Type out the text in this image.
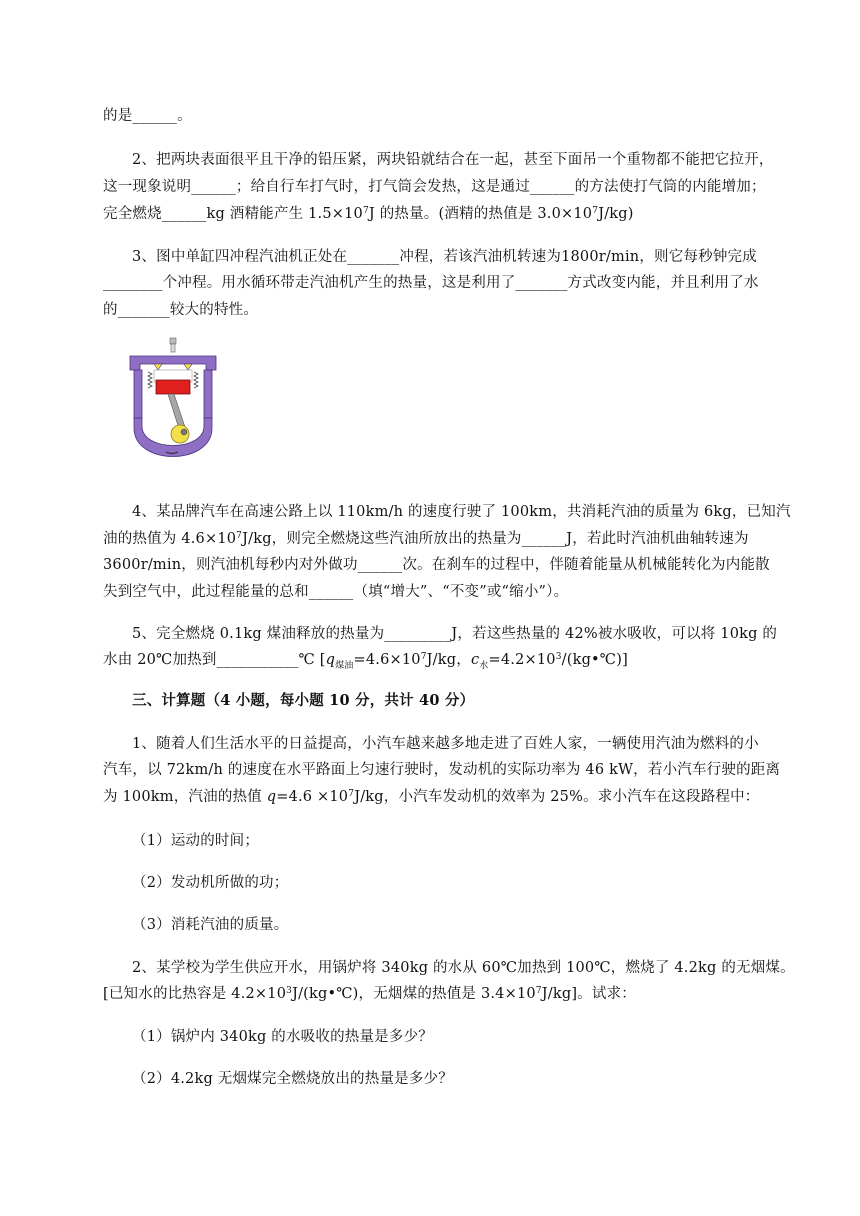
的是______。
2、把两块表面很平且干净的铅压紧，两块铅就结合在一起，甚至下面吊一个重物都不能把它拉开，
这一现象说明______；给自行车打气时，打气筒会发热，这是通过______的方法使打气筒的内能增加；
完全燃烧______kg 酒精能产生 $1.5\times 10^7J$ 的热量。(酒精的热值是 $3.0\times 10^7J/kg$)
3、图中单缸四冲程汽油机正处在_______冲程，若该汽油机转速为1800r/min，则它每秒钟完成
________个冲程。用水循环带走汽油机产生的热量，这是利用了_______方式改变内能，并且利用了水
的_______较大的特性。
4、某品牌汽车在高速公路上以 110km/h 的速度行驶了 100km，共消耗汽油的质量为 6kg，已知汽
油的热值为 $4.6\times 10^7J/kg$，则完全燃烧这些汽油所放出的热量为______J，若此时汽油机曲轴转速为
3600r/min，则汽油机每秒内对外做功______次。在刹车的过程中，伴随着能量从机械能转化为内能散
失到空气中，此过程能量的总和______（填“增大”、“不变”或“缩小”）。
5、完全燃烧 0.1kg 煤油释放的热量为_________J，若这些热量的 42%被水吸收，可以将 10kg 的
水由 20℃加热到___________℃ [$q_{煤油}=4.6\times 10^7J/kg$，$c_水=4.2\times 10^3/(kg•℃)$]
三、计算题（4 小题，每小题 10 分，共计 40 分）
1、随着人们生活水平的日益提高，小汽车越来越多地走进了百姓人家，一辆使用汽油为燃料的小
汽车，以 72km/h 的速度在水平路面上匀速行驶时，发动机的实际功率为 46 kW，若小汽车行驶的距离
为 100km，汽油的热值 $q=4.6 \times 10^7J/kg$，小汽车发动机的效率为 25%。求小汽车在这段路程中：
（1）运动的时间；
（2）发动机所做的功；
（3）消耗汽油的质量。
2、某学校为学生供应开水，用锅炉将 340kg 的水从 60℃加热到 100℃，燃烧了 4.2kg 的无烟煤。
[已知水的比热容是 $4.2\times 10^3J/(kg•℃)$，无烟煤的热值是 $3.4\times 10^7J/kg$]。试求：
（1）锅炉内 340kg 的水吸收的热量是多少？
（2）4.2kg 无烟煤完全燃烧放出的热量是多少？
